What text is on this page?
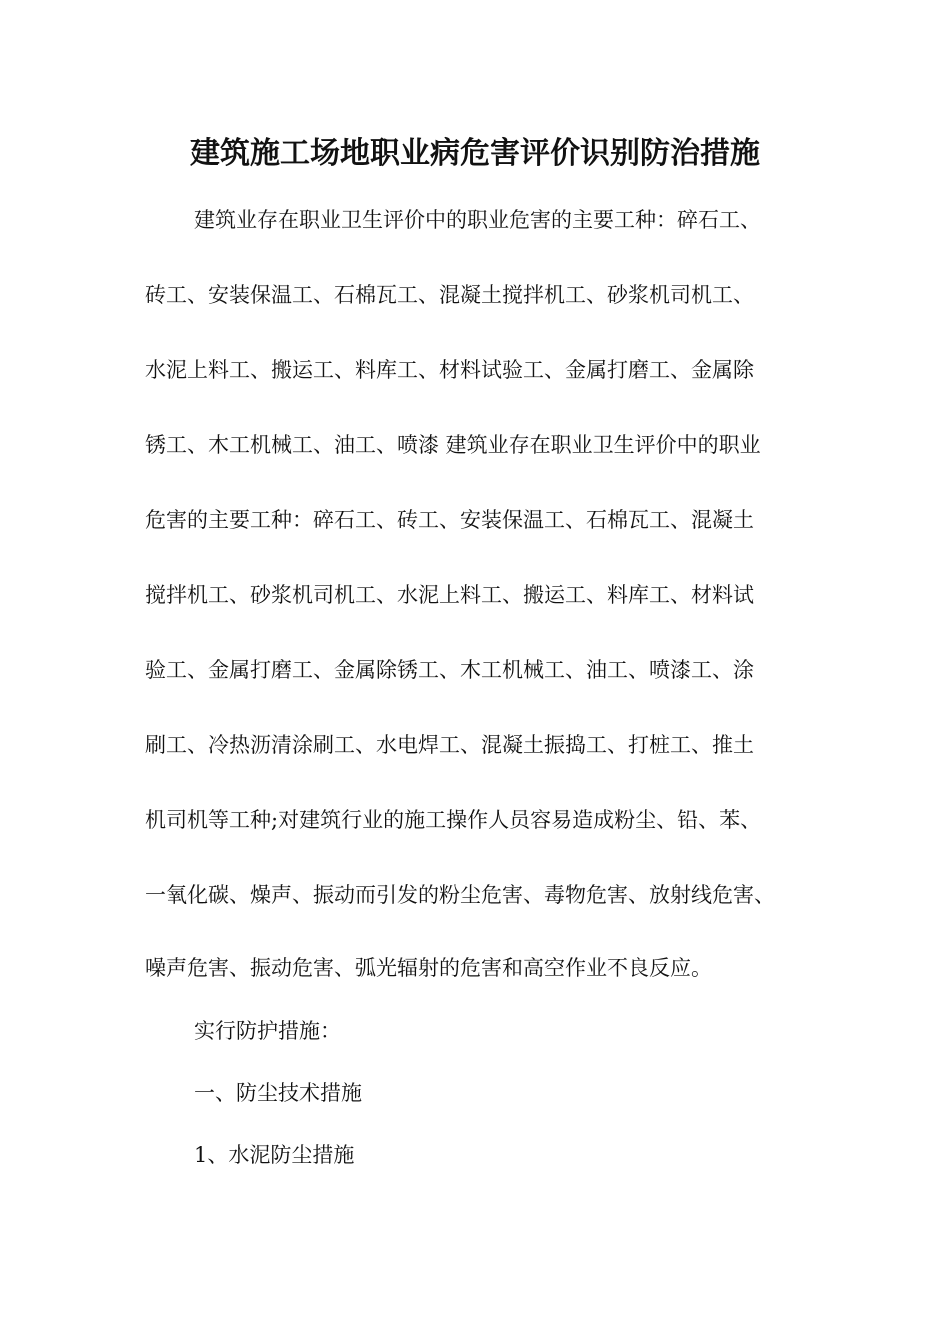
建筑施工场地职业病危害评价识别防治措施
建筑业存在职业卫生评价中的职业危害的主要工种：碎石工、
砖工、安装保温工、石棉瓦工、混凝土搅拌机工、砂浆机司机工、
水泥上料工、搬运工、料库工、材料试验工、金属打磨工、金属除
锈工、木工机械工、油工、喷漆 建筑业存在职业卫生评价中的职业
危害的主要工种：碎石工、砖工、安装保温工、石棉瓦工、混凝土
搅拌机工、砂浆机司机工、水泥上料工、搬运工、料库工、材料试
验工、金属打磨工、金属除锈工、木工机械工、油工、喷漆工、涂
刷工、冷热沥清涂刷工、水电焊工、混凝土振捣工、打桩工、推土
机司机等工种;对建筑行业的施工操作人员容易造成粉尘、铅、苯、
一氧化碳、燥声、振动而引发的粉尘危害、毒物危害、放射线危害、
噪声危害、振动危害、弧光辐射的危害和高空作业不良反应。
实行防护措施：
一、防尘技术措施
1、水泥防尘措施
